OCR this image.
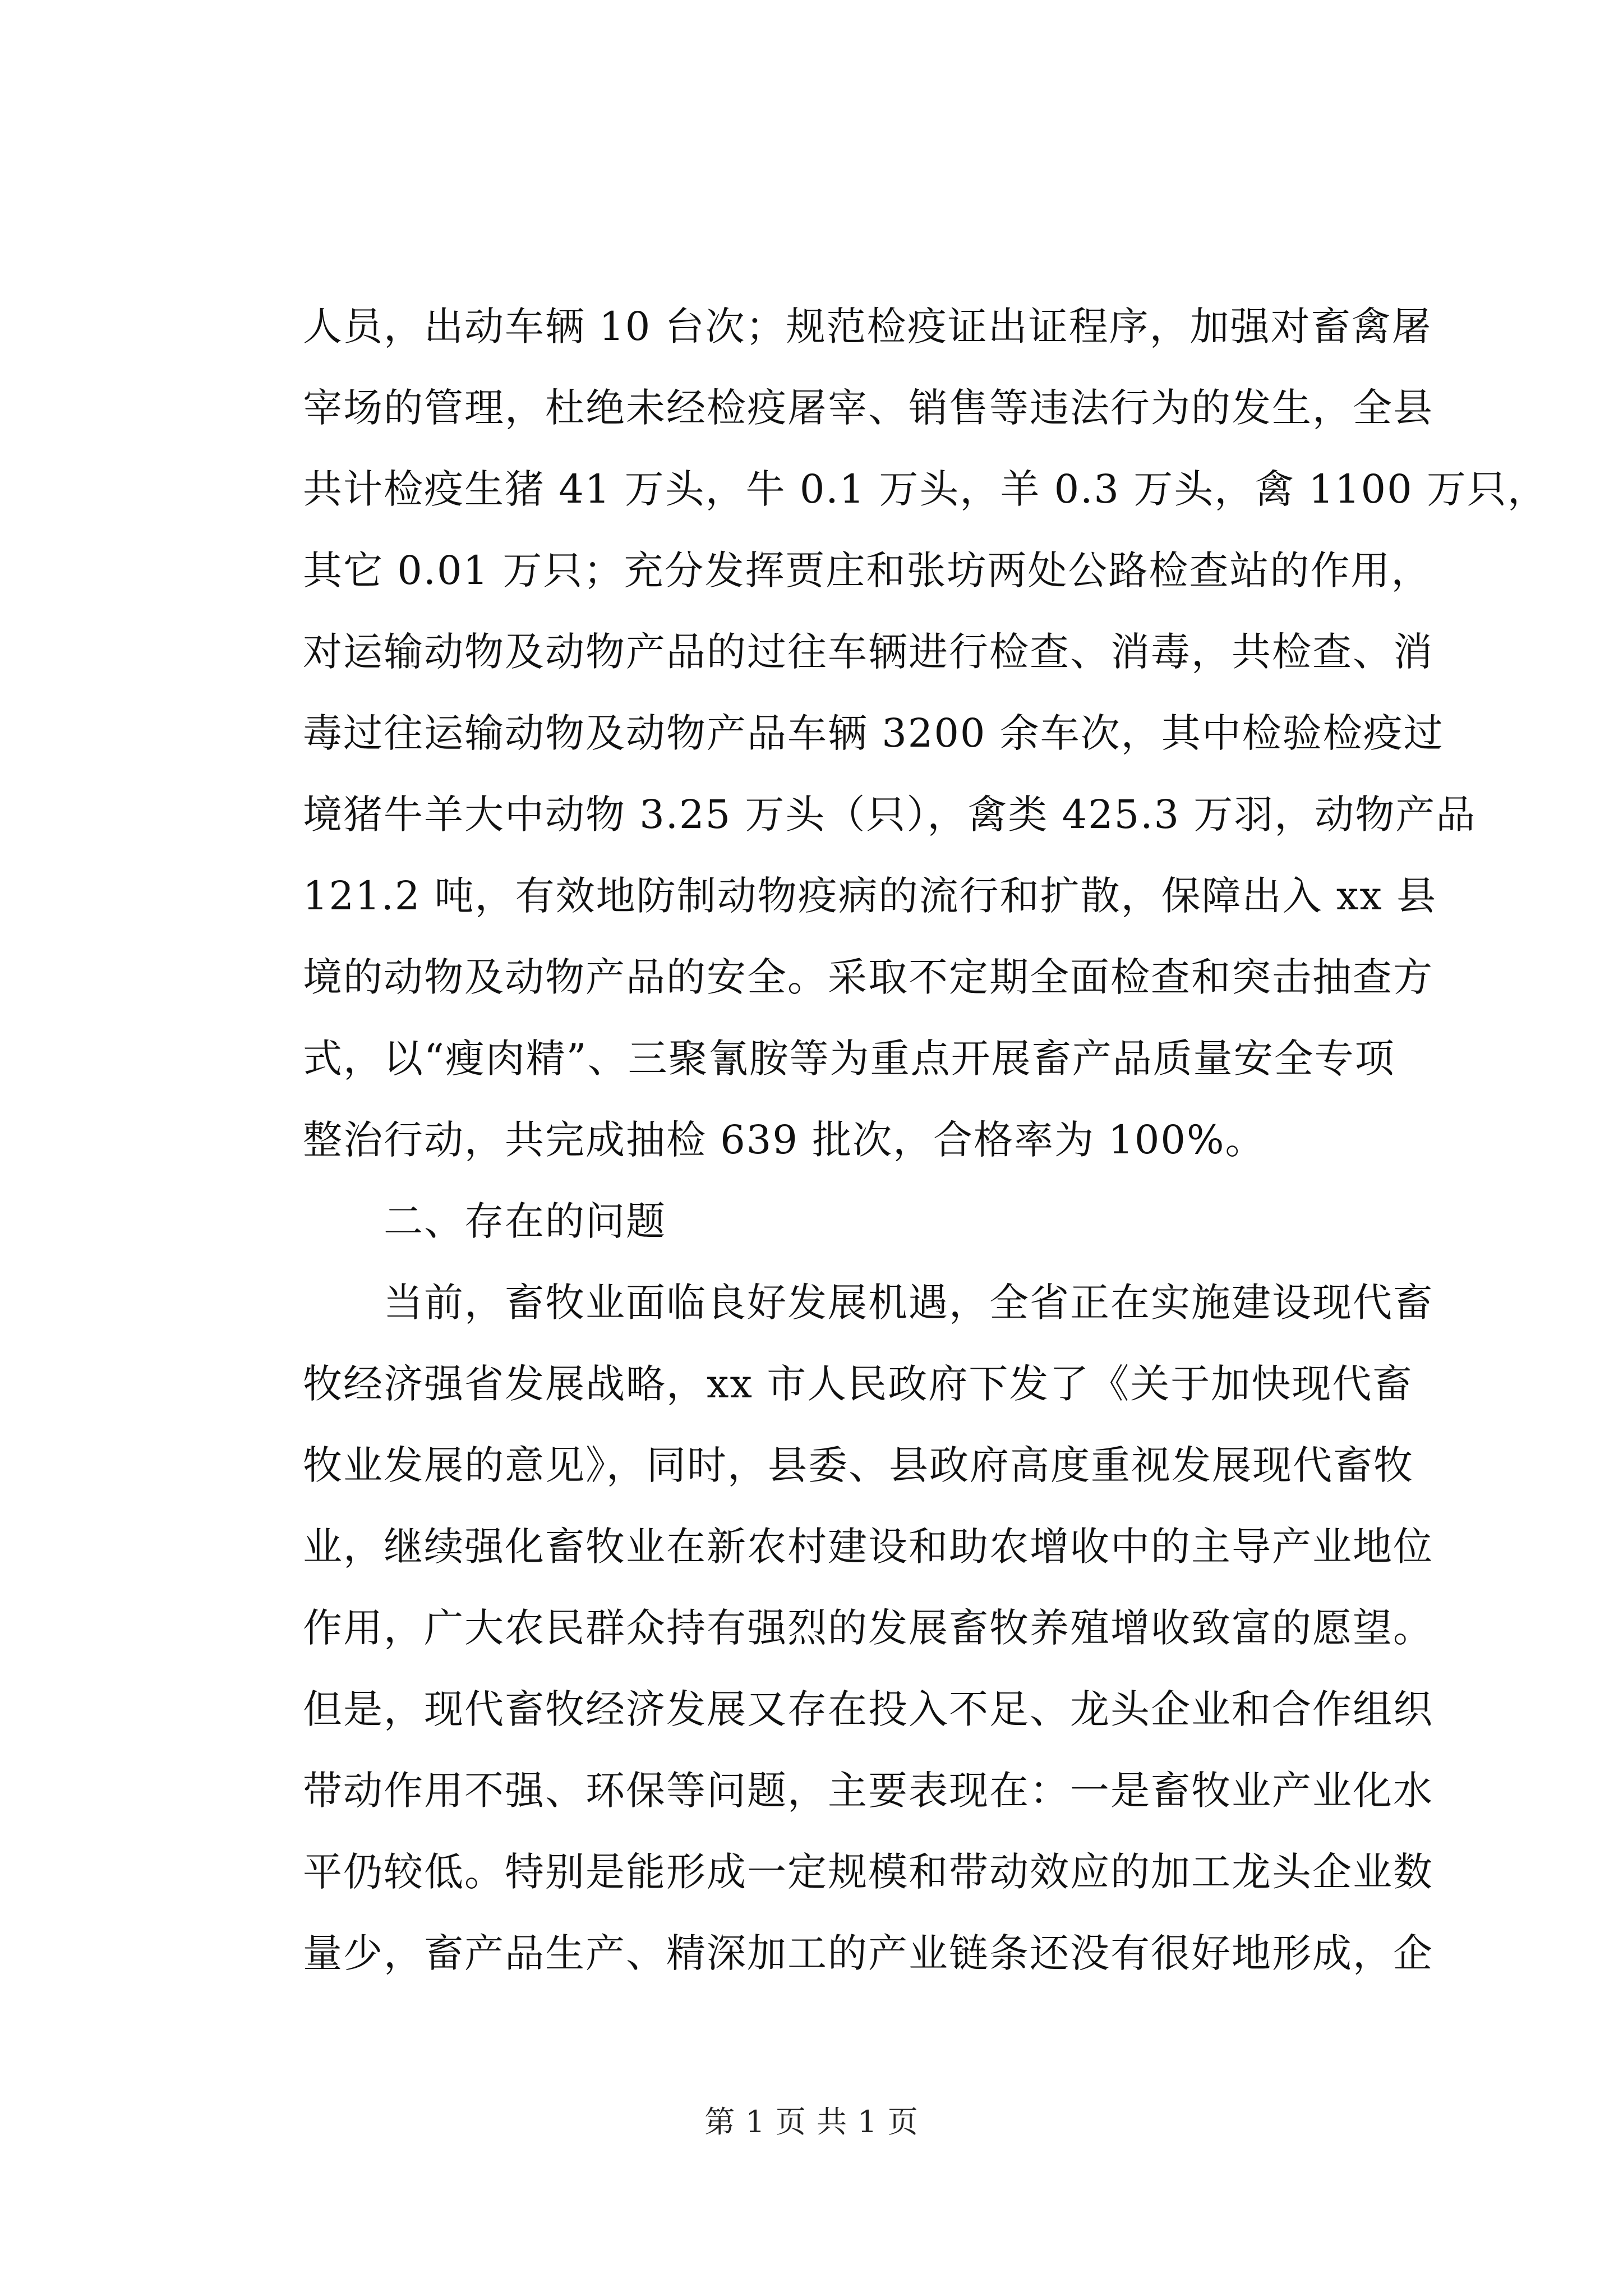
人员，出动车辆 10 台次；规范检疫证出证程序，加强对畜禽屠
宰场的管理，杜绝未经检疫屠宰、销售等违法行为的发生，全县
共计检疫生猪 41 万头，牛 0.1 万头，羊 0.3 万头，禽 1100 万只，
其它 0.01 万只；充分发挥贾庄和张坊两处公路检查站的作用，
对运输动物及动物产品的过往车辆进行检查、消毒，共检查、消
毒过往运输动物及动物产品车辆 3200 余车次，其中检验检疫过
境猪牛羊大中动物 3.25 万头（只），禽类 425.3 万羽，动物产品
121.2 吨，有效地防制动物疫病的流行和扩散，保障出入 xx 县
境的动物及动物产品的安全。采取不定期全面检查和突击抽查方
式，以“瘦肉精”、三聚氰胺等为重点开展畜产品质量安全专项
整治行动，共完成抽检 639 批次，合格率为 100%。
　　二、存在的问题
　　当前，畜牧业面临良好发展机遇，全省正在实施建设现代畜
牧经济强省发展战略，xx 市人民政府下发了《关于加快现代畜
牧业发展的意见》，同时，县委、县政府高度重视发展现代畜牧
业，继续强化畜牧业在新农村建设和助农增收中的主导产业地位
作用，广大农民群众持有强烈的发展畜牧养殖增收致富的愿望。
但是，现代畜牧经济发展又存在投入不足、龙头企业和合作组织
带动作用不强、环保等问题，主要表现在：一是畜牧业产业化水
平仍较低。特别是能形成一定规模和带动效应的加工龙头企业数
量少，畜产品生产、精深加工的产业链条还没有很好地形成，企
第 1 页 共 1 页
